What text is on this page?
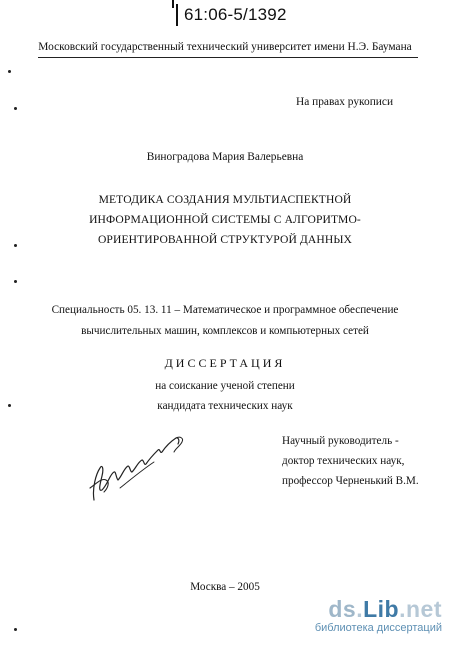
61:06-5/1392
Московский государственный технический университет имени Н.Э. Баумана
На правах рукописи
Виноградова Мария Валерьевна
МЕТОДИКА СОЗДАНИЯ МУЛЬТИАСПЕКТНОЙ
ИНФОРМАЦИОННОЙ СИСТЕМЫ С АЛГОРИТМО-
ОРИЕНТИРОВАННОЙ СТРУКТУРОЙ ДАННЫХ
Специальность 05. 13. 11 – Математическое и программное обеспечение
вычислительных машин, комплексов и компьютерных сетей
ДИССЕРТАЦИЯ
на соискание ученой степени
кандидата технических наук
Научный руководитель -
доктор технических наук,
профессор Черненький В.М.
Москва – 2005
ds.Lib.net
библиотека диссертаций
